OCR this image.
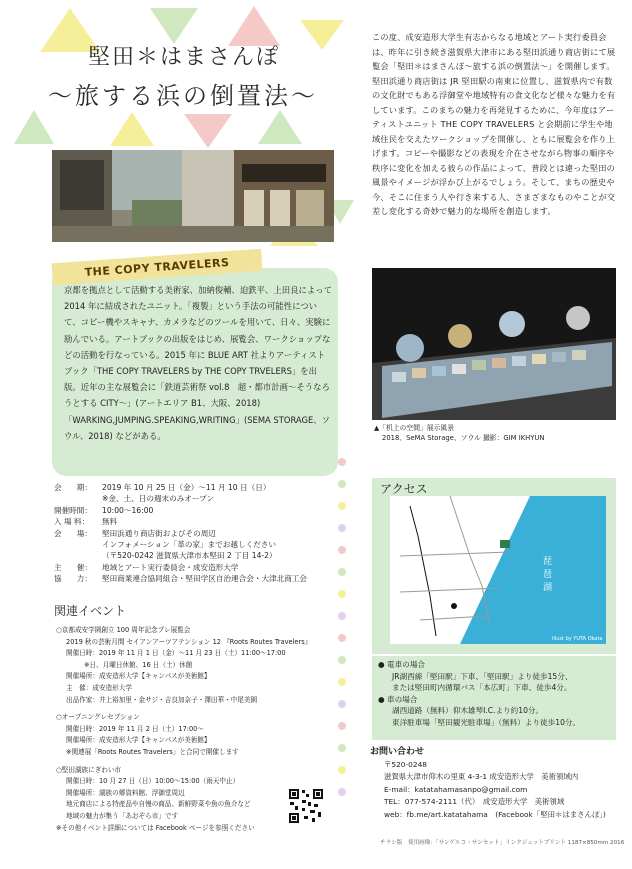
堅田＊はまさんぽ
〜旅する浜の倒置法〜
この度、成安造形大学生有志からなる地域とアート実行委員会は、昨年に引き続き滋賀県大津市にある堅田浜通り商店街にて展覧会「堅田＊はまさんぽ〜旅する浜の倒置法〜」を開催します。堅田浜通り商店街は JR 堅田駅の南東に位置し、滋賀県内で有数の文化財でもある浮御堂や地域特有の食文化など様々な魅力を有しています。このまちの魅力を再発見するために、今年度はアーティストユニット THE COPY TRAVELERS と会期前に学生や地域住民を交えたワークショップを開催し、ともに展覧会を作り上げます。コピーや撮影などの表現を介在させながら物事の順序や秩序に変化を加える彼らの作品によって、普段とは違った堅田の風景やイメージが浮かび上がるでしょう。そして、まちの歴史や今、そこに住まう人や行き来する人、さまざまなものやことが交差し変化する奇妙で魅力的な場所を創造します。
THE COPY TRAVELERS
京都を拠点として活動する美術家、加納俊輔、迫鉄平、上田良によって 2014 年に結成されたユニット。「複製」という手法の可能性について、コピー機やスキャナ、カメラなどのツールを用いて、日々、実験に励んでいる。アートブックの出版をはじめ、展覧会、ワークショップなどの活動を行なっている。2015 年に BLUE ART 社よりアーティストブック「THE COPY TRAVELERS by THE COPY TRVELERS」を出版。近年の主な展覧会に「鉄道芸術祭 vol.8　超・都市計画〜そうなろうとする CITY〜」(アートエリア B1、大阪、2018)「WARKING,JUMPING.SPEAKING,WRITING」(SEMA STORAGE、ソウル、2018) などがある。
▲「机上の空間」展示風景
2018、SeMA Storage、ソウル 撮影：GIM IKHYUN
会　　期：	2019 年 10 月 25 日（金）〜11 月 10 日（日）
※金、土、日の週末のみオープン
開催時間：	10:00〜16:00
入 場 料：	無料
会　　場：	堅田浜通り商店街およびその周辺
インフォメーション「革の家」までお越しください
（〒520-0242 滋賀県大津市本堅田 2 丁目 14-2）
主　　催：	地域とアート実行委員会・成安造形大学
協　　力：	堅田商業連合協同組合・堅田学区自治連合会・大津北商工会
関連イベント
○京都成安学園創立 100 周年記念プレ展覧会
2019 秋の芸術月間 セイアンアーツアテンション 12 『Roots Routes Travelers』
開催日時：2019 年 11 月 1 日（金）〜11 月 23 日（土）11:00〜17:00
※日、月曜日休館、16 日（土）休館
開催場所：成安造形大学【キャンパスが美術館】
主　催：成安造形大学
出品作家：井上裕加里・金サジ・吉良加奈子・澤田華・中尾美園
○オープニングレセプション
開催日時：2019 年 11 月 2 日（土）17:00〜
開催場所：成安造形大学【キャンパスが美術館】
※関連展「Roots Routes Travelers」と合同で開催します
○堅田湖族にぎわい市
開催日時：10 月 27 日（日）10:00〜15:00（雨天中止）
開催場所：湖族の郷資料館、浮御堂周辺
地元商店による特産品や自慢の商品、新鮮野菜や魚の魚介など
地域の魅力が集う「あおぞら市」です
※その他イベント詳細については Facebook ページを参照ください
アクセス
琵琶湖
Illust by YUTA Okata
● 電車の場合
JR湖西線「堅田駅」下車、「堅田駅」より徒歩15分、
または堅田町内循環バス「本広町」下車、徒歩4分。
● 車の場合
湖西道路（無料）仰木雄琴I.C.より約10分。
東洋駐車場「堅田観光駐車場」（無料）より徒歩10分。
お問い合わせ
〒520-0248
滋賀県大津市仰木の里東 4-3-1 成安造形大学　美術領域内
E-mail：katatahamasanpo@gmail.com
TEL：077-574-2111（代）　成安造形大学　美術領域
web：fb.me/art.katatahama　(Facebook「堅田＊はまさんぽ」)
チラシ版　使用画像：「サンゲルコ・サンセット」インクジェットプリント 1187×850mm 2016
